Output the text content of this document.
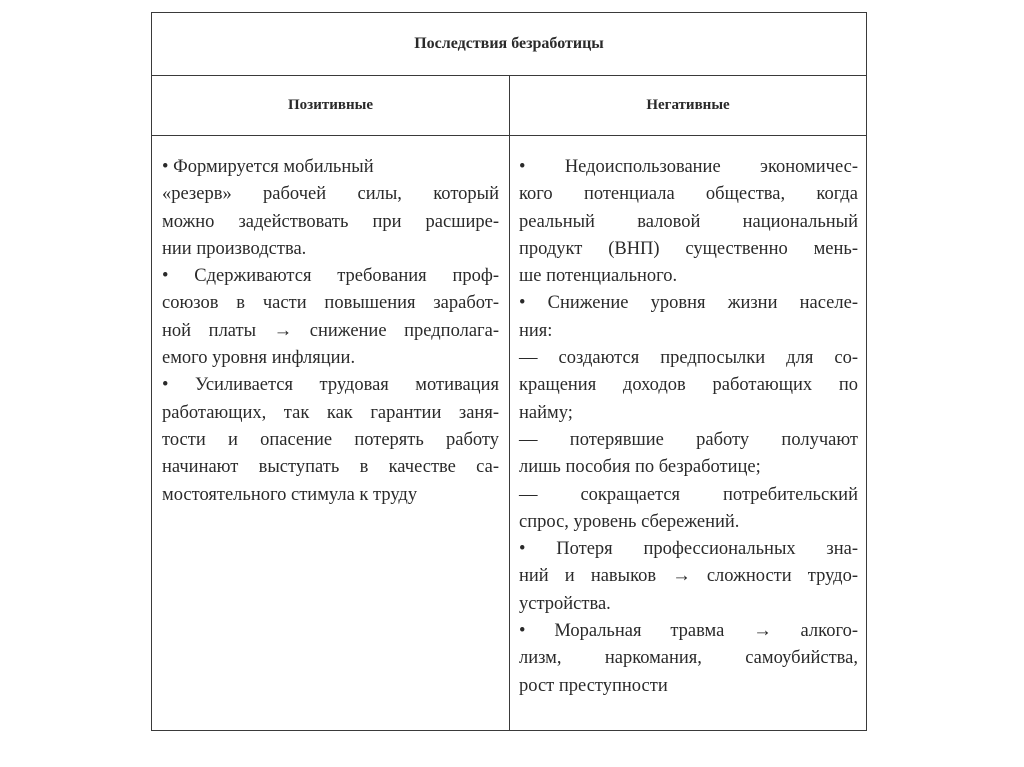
Последствия безработицы
Позитивные	Негативные
• Формируется мобильный
«резерв» рабочей силы, который
можно задействовать при расшире-
нии производства.
• Сдерживаются требования проф-
союзов в части повышения заработ-
ной платы → снижение предполага-
емого уровня инфляции.
• Усиливается трудовая мотивация
работающих, так как гарантии заня-
тости и опасение потерять работу
начинают выступать в качестве са-
мостоятельного стимула к труду
• Недоиспользование экономичес-
кого потенциала общества, когда
реальный валовой национальный
продукт (ВНП) существенно мень-
ше потенциального.
• Снижение уровня жизни населе-
ния:
— создаются предпосылки для со-
кращения доходов работающих по
найму;
— потерявшие работу получают
лишь пособия по безработице;
— сокращается потребительский
спрос, уровень сбережений.
• Потеря профессиональных зна-
ний и навыков → сложности трудо-
устройства.
• Моральная травма → алкого-
лизм, наркомания, самоубийства,
рост преступности
